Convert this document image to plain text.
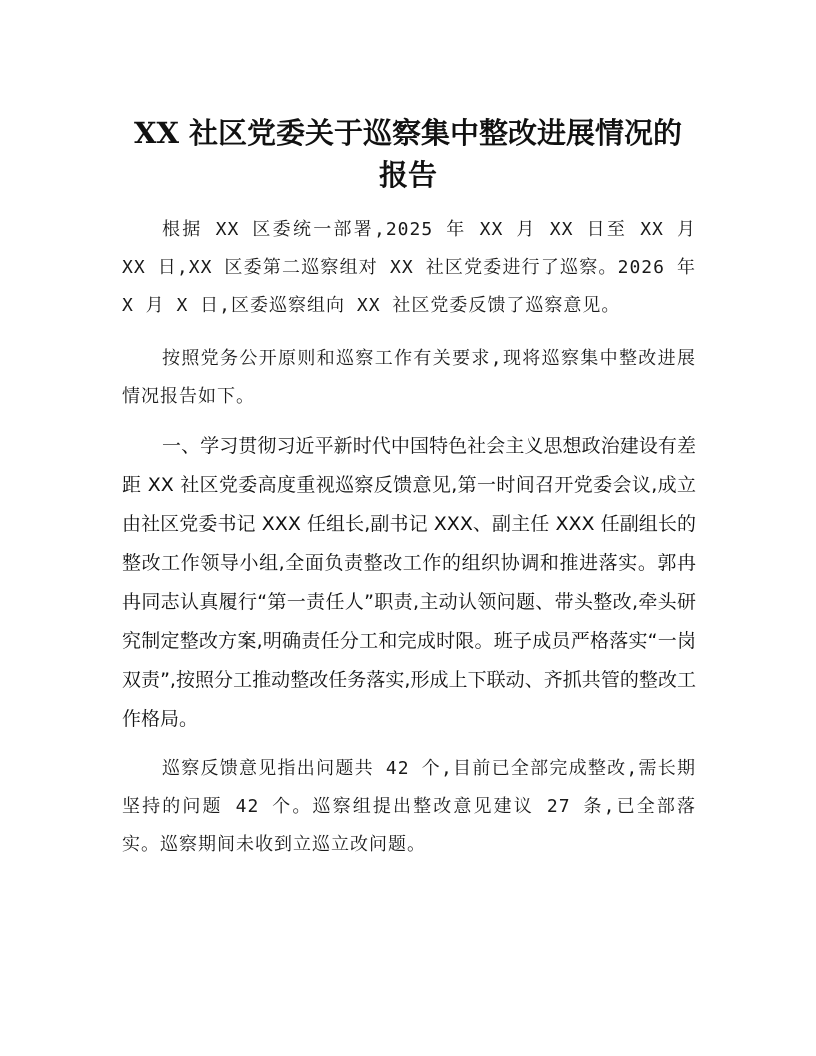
XX 社区党委关于巡察集中整改进展情况的报告

根据 XX 区委统一部署,2025 年 XX 月 XX 日至 XX 月 XX 日,XX 区委第二巡察组对 XX 社区党委进行了巡察。2026 年 X 月 X 日,区委巡察组向 XX 社区党委反馈了巡察意见。

按照党务公开原则和巡察工作有关要求,现将巡察集中整改进展情况报告如下。

一、学习贯彻习近平新时代中国特色社会主义思想政治建设有差距 XX 社区党委高度重视巡察反馈意见,第一时间召开党委会议,成立由社区党委书记 XXX 任组长,副书记 XXX、副主任 XXX 任副组长的整改工作领导小组,全面负责整改工作的组织协调和推进落实。郭冉冉同志认真履行“第一责任人”职责,主动认领问题、带头整改,牵头研究制定整改方案,明确责任分工和完成时限。班子成员严格落实“一岗双责”,按照分工推动整改任务落实,形成上下联动、齐抓共管的整改工作格局。

巡察反馈意见指出问题共 42 个,目前已全部完成整改,需长期坚持的问题 42 个。巡察组提出整改意见建议 27 条,已全部落实。巡察期间未收到立巡立改问题。
